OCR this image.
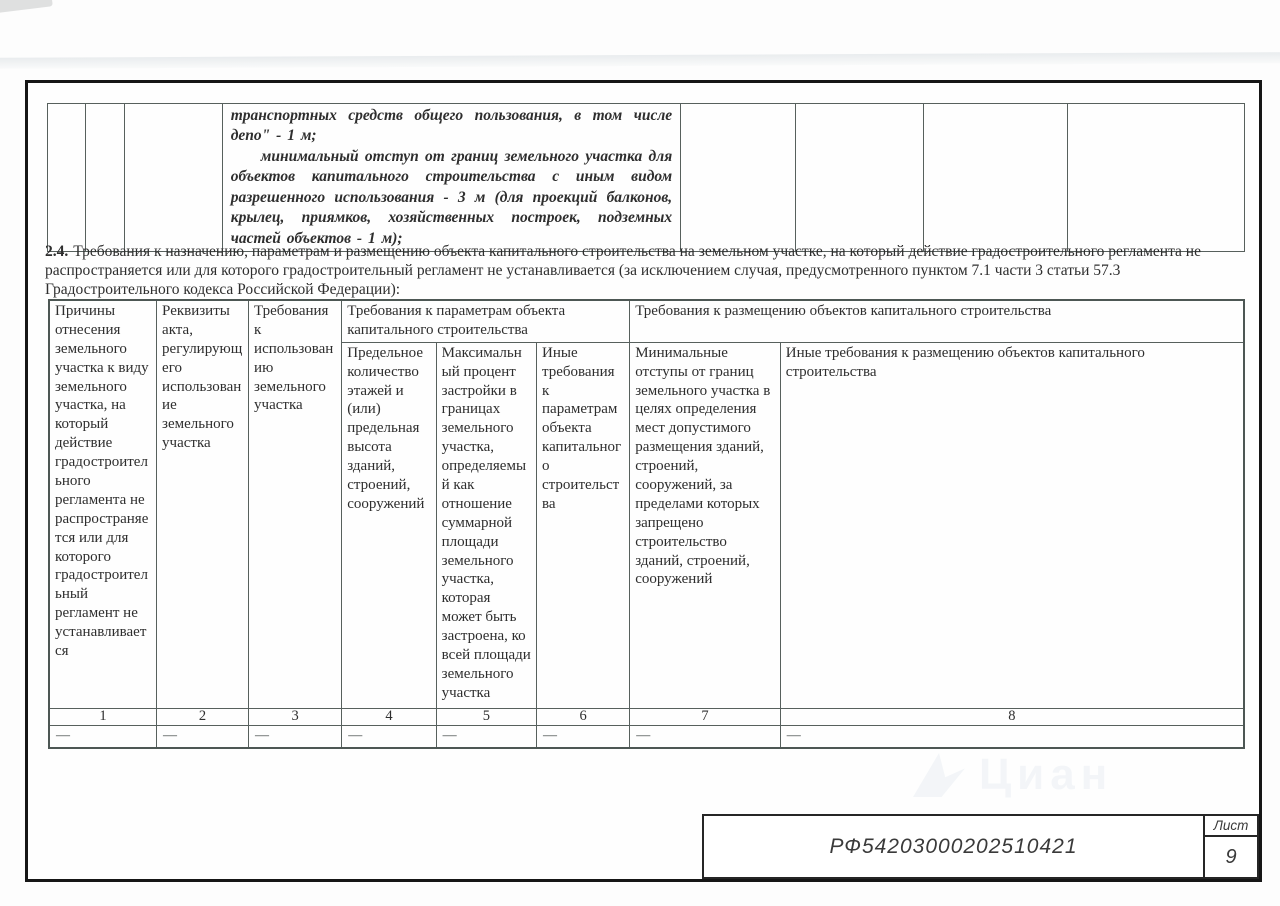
транспортных средств общего пользования, в том числе депо" - 1 м;

минимальный отступ от границ земельного участка для объектов капитального строительства с иным видом разрешенного использования - 3 м (для проекций балконов, крылец, приямков, хозяйственных построек, подземных частей объектов - 1 м);

2.4. Требования к назначению, параметрам и размещению объекта капитального строительства на земельном участке, на который действие градостроительного регламента не распространяется или для которого градостроительный регламент не устанавливается (за исключением случая, предусмотренного пунктом 7.1 части 3 статьи 57.3 Градостроительного кодекса Российской Федерации):

Причины отнесения земельного участка к виду земельного участка, на который действие градостроительного регламента не распространяется или для которого градостроительный регламент не устанавливается	Реквизиты акта, регулирующего использование земельного участка	Требования к использованию земельного участка	Требования к параметрам объекта капитального строительства			Требования к размещению объектов капитального строительства	
			Предельное количество этажей и (или) предельная высота зданий, строений, сооружений	Максимальный процент застройки в границах земельного участка, определяемый как отношение суммарной площади земельного участка, которая может быть застроена, ко всей площади земельного участка	Иные требования к параметрам объекта капитального строительства	Минимальные отступы от границ земельного участка в целях определения мест допустимого размещения зданий, строений, сооружений, за пределами которых запрещено строительство зданий, строений, сооружений	Иные требования к размещению объектов капитального строительства
1	2	3	4	5	6	7	8
—	—	—	—	—	—	—	—
Циан
РФ54203000202510421
Лист
9
